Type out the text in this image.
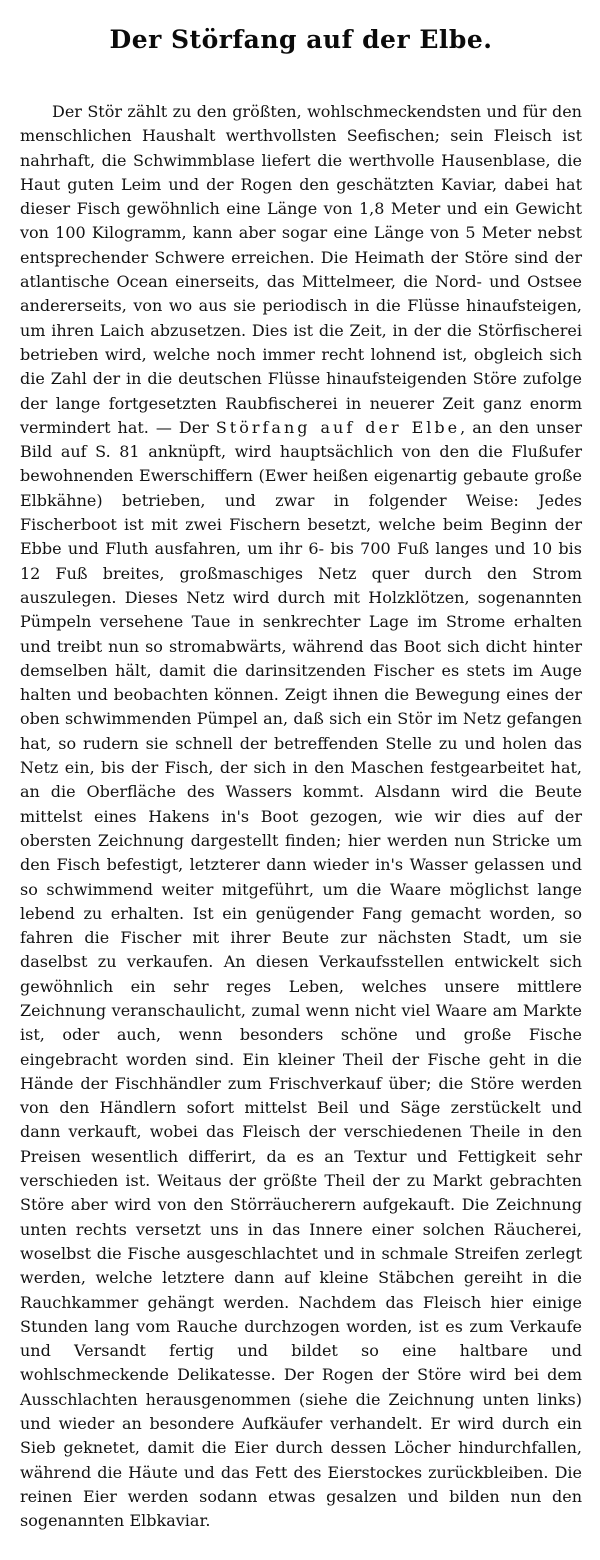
Der Störfang auf der Elbe.

Der Stör zählt zu den größten, wohlschmeckendsten und für den menschlichen Haushalt werthvollsten Seefischen; sein Fleisch ist nahrhaft, die Schwimmblase liefert die werthvolle Hausenblase, die Haut guten Leim und der Rogen den geschätzten Kaviar, dabei hat dieser Fisch gewöhnlich eine Länge von 1,8 Meter und ein Gewicht von 100 Kilogramm, kann aber sogar eine Länge von 5 Meter nebst entsprechender Schwere erreichen. Die Heimath der Störe sind der atlantische Ocean einerseits, das Mittelmeer, die Nord- und Ostsee andererseits, von wo aus sie periodisch in die Flüsse hinaufsteigen, um ihren Laich abzusetzen. Dies ist die Zeit, in der die Störfischerei betrieben wird, welche noch immer recht lohnend ist, obgleich sich die Zahl der in die deutschen Flüsse hinaufsteigenden Störe zufolge der lange fortgesetzten Raubfischerei in neuerer Zeit ganz enorm vermindert hat. — Der Störfang auf der Elbe, an den unser Bild auf S. 81 anknüpft, wird hauptsächlich von den die Flußufer bewohnenden Ewerschiffern (Ewer heißen eigenartig gebaute große Elbkähne) betrieben, und zwar in folgender Weise: Jedes Fischerboot ist mit zwei Fischern besetzt, welche beim Beginn der Ebbe und Fluth ausfahren, um ihr 6- bis 700 Fuß langes und 10 bis 12 Fuß breites, großmaschiges Netz quer durch den Strom auszulegen. Dieses Netz wird durch mit Holzklötzen, sogenannten Pümpeln versehene Taue in senkrechter Lage im Strome erhalten und treibt nun so stromabwärts, während das Boot sich dicht hinter demselben hält, damit die darinsitzenden Fischer es stets im Auge halten und beobachten können. Zeigt ihnen die Bewegung eines der oben schwimmenden Pümpel an, daß sich ein Stör im Netz gefangen hat, so rudern sie schnell der betreffenden Stelle zu und holen das Netz ein, bis der Fisch, der sich in den Maschen festgearbeitet hat, an die Oberfläche des Wassers kommt. Alsdann wird die Beute mittelst eines Hakens in's Boot gezogen, wie wir dies auf der obersten Zeichnung dargestellt finden; hier werden nun Stricke um den Fisch befestigt, letzterer dann wieder in's Wasser gelassen und so schwimmend weiter mitgeführt, um die Waare möglichst lange lebend zu erhalten. Ist ein genügender Fang gemacht worden, so fahren die Fischer mit ihrer Beute zur nächsten Stadt, um sie daselbst zu verkaufen. An diesen Verkaufsstellen entwickelt sich gewöhnlich ein sehr reges Leben, welches unsere mittlere Zeichnung veranschaulicht, zumal wenn nicht viel Waare am Markte ist, oder auch, wenn besonders schöne und große Fische eingebracht worden sind. Ein kleiner Theil der Fische geht in die Hände der Fischhändler zum Frischverkauf über; die Störe werden von den Händlern sofort mittelst Beil und Säge zerstückelt und dann verkauft, wobei das Fleisch der verschiedenen Theile in den Preisen wesentlich differirt, da es an Textur und Fettigkeit sehr verschieden ist. Weitaus der größte Theil der zu Markt gebrachten Störe aber wird von den Störräucherern aufgekauft. Die Zeichnung unten rechts versetzt uns in das Innere einer solchen Räucherei, woselbst die Fische ausgeschlachtet und in schmale Streifen zerlegt werden, welche letztere dann auf kleine Stäbchen gereiht in die Rauchkammer gehängt werden. Nachdem das Fleisch hier einige Stunden lang vom Rauche durchzogen worden, ist es zum Verkaufe und Versandt fertig und bildet so eine haltbare und wohlschmeckende Delikatesse. Der Rogen der Störe wird bei dem Ausschlachten herausgenommen (siehe die Zeichnung unten links) und wieder an besondere Aufkäufer verhandelt. Er wird durch ein Sieb geknetet, damit die Eier durch dessen Löcher hindurchfallen, während die Häute und das Fett des Eierstockes zurückbleiben. Die reinen Eier werden sodann etwas gesalzen und bilden nun den sogenannten Elbkaviar.
